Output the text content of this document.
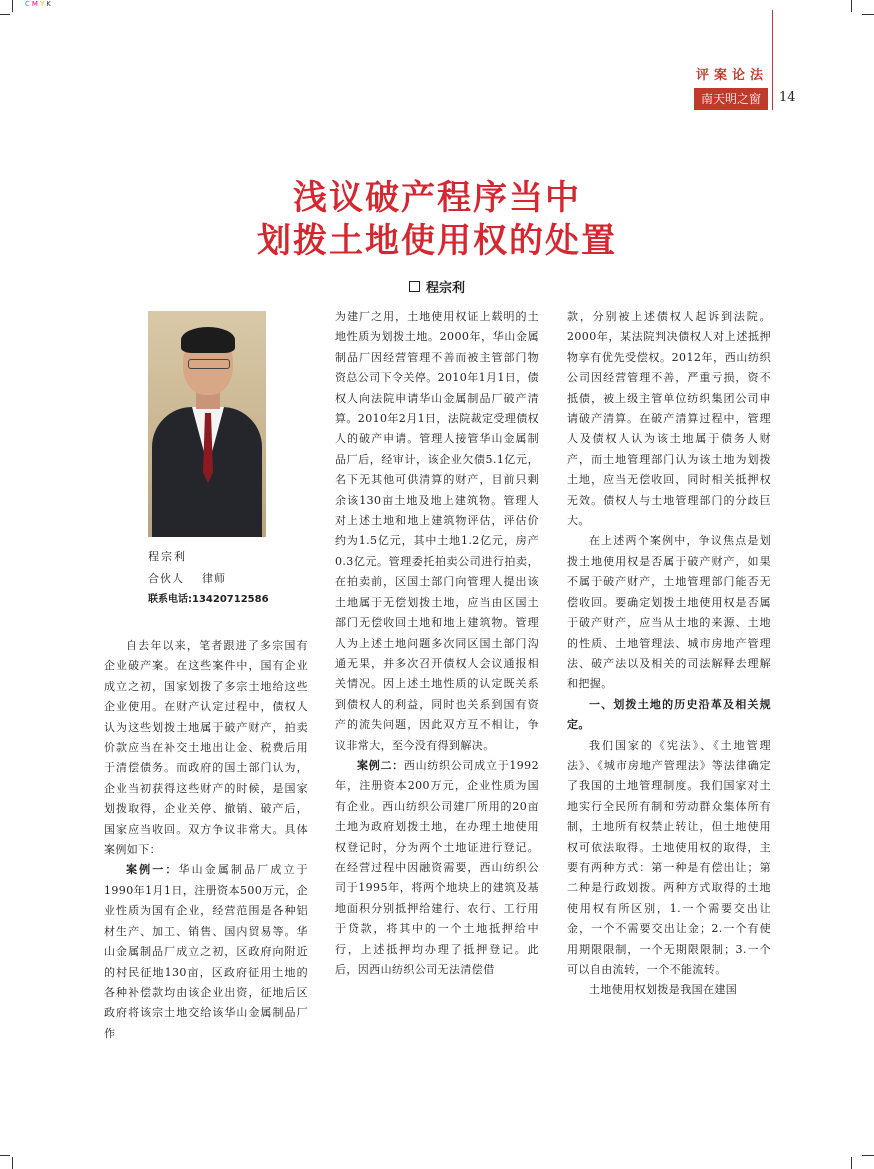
CMYK
评案论法
南天明之窗	14
浅议破产程序当中
划拨土地使用权的处置
程宗利
程宗利
合伙人    律师
联系电话:13420712586

自去年以来，笔者跟进了多宗国有企业破产案。在这些案件中，国有企业成立之初，国家划拨了多宗土地给这些企业使用。在财产认定过程中，债权人认为这些划拨土地属于破产财产，拍卖价款应当在补交土地出让金、税费后用于清偿债务。而政府的国土部门认为，企业当初获得这些财产的时候，是国家划拨取得，企业关停、撤销、破产后，国家应当收回。双方争议非常大。具体案例如下：

案例一：华山金属制品厂成立于1990年1月1日，注册资本500万元，企业性质为国有企业，经营范围是各种铝材生产、加工、销售、国内贸易等。华山金属制品厂成立之初，区政府向附近的村民征地130亩，区政府征用土地的各种补偿款均由该企业出资，征地后区政府将该宗土地交给该华山金属制品厂作

为建厂之用，土地使用权证上载明的土地性质为划拨土地。2000年，华山金属制品厂因经营管理不善而被主管部门物资总公司下令关停。2010年1月1日，债权人向法院申请华山金属制品厂破产清算。2010年2月1日，法院裁定受理债权人的破产申请。管理人接管华山金属制品厂后，经审计，该企业欠债5.1亿元，名下无其他可供清算的财产，目前只剩余该130亩土地及地上建筑物。管理人对上述土地和地上建筑物评估，评估价约为1.5亿元，其中土地1.2亿元，房产0.3亿元。管理委托拍卖公司进行拍卖，在拍卖前，区国土部门向管理人提出该土地属于无偿划拨土地，应当由区国土部门无偿收回土地和地上建筑物。管理人为上述土地问题多次同区国土部门沟通无果，并多次召开债权人会议通报相关情况。因上述土地性质的认定既关系到债权人的利益，同时也关系到国有资产的流失问题，因此双方互不相让，争议非常大，至今没有得到解决。

案例二：西山纺织公司成立于1992年，注册资本200万元，企业性质为国有企业。西山纺织公司建厂所用的20亩土地为政府划拨土地，在办理土地使用权登记时，分为两个土地证进行登记。在经营过程中因融资需要，西山纺织公司于1995年，将两个地块上的建筑及基地面积分别抵押给建行、农行、工行用于贷款，将其中的一个土地抵押给中行，上述抵押均办理了抵押登记。此后，因西山纺织公司无法清偿借

款，分别被上述债权人起诉到法院。2000年，某法院判决债权人对上述抵押物享有优先受偿权。2012年，西山纺织公司因经营管理不善，严重亏损，资不抵债，被上级主管单位纺织集团公司申请破产清算。在破产清算过程中，管理人及债权人认为该土地属于债务人财产，而土地管理部门认为该土地为划拨土地，应当无偿收回，同时相关抵押权无效。债权人与土地管理部门的分歧巨大。

在上述两个案例中，争议焦点是划拨土地使用权是否属于破产财产，如果不属于破产财产，土地管理部门能否无偿收回。要确定划拨土地使用权是否属于破产财产，应当从土地的来源、土地的性质、土地管理法、城市房地产管理法、破产法以及相关的司法解释去理解和把握。

一、划拨土地的历史沿革及相关规定。

我们国家的《宪法》、《土地管理法》、《城市房地产管理法》等法律确定了我国的土地管理制度。我们国家对土地实行全民所有制和劳动群众集体所有制，土地所有权禁止转让，但土地使用权可依法取得。土地使用权的取得，主要有两种方式：第一种是有偿出让；第二种是行政划拨。两种方式取得的土地使用权有所区别，1.一个需要交出让金，一个不需要交出让金；2.一个有使用期限限制，一个无期限限制；3.一个可以自由流转，一个不能流转。

土地使用权划拨是我国在建国
